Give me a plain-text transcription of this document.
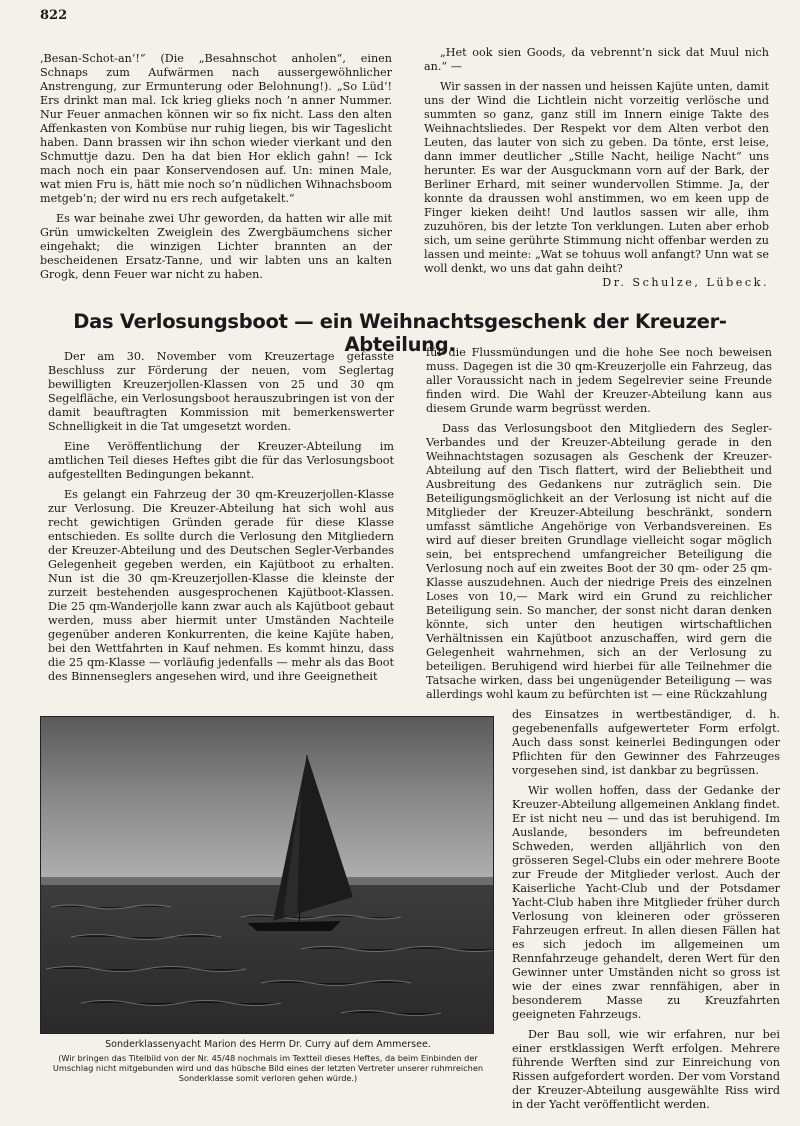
822

‚Besan-Schot-an‘!“ (Die „Besahnschot anholen“, einen Schnaps zum Aufwärmen nach aussergewöhnlicher Anstrengung, zur Ermunterung oder Belohnung!). „So Lüd‘! Ers drinkt man mal. Ick krieg glieks noch ’n anner Nummer. Nur Feuer anmachen können wir so fix nicht. Lass den alten Affenkasten von Kombüse nur ruhig liegen, bis wir Tageslicht haben. Dann brassen wir ihn schon wieder vierkant und den Schmuttje dazu. Den ha dat bien Hor eklich gahn! — Ick mach noch ein paar Konservendosen auf. Un: minen Male, wat mien Fru is, hätt mie noch so’n nüdlichen Wihnachsboom metgeb’n; der wird nu ers rech aufgetakelt.“

Es war beinahe zwei Uhr geworden, da hatten wir alle mit Grün umwickelten Zweiglein des Zwergbäumchens sicher eingehakt; die winzigen Lichter brannten an der bescheidenen Ersatz-Tanne, und wir labten uns an kalten Grogk, denn Feuer war nicht zu haben.

„Het ook sien Goods, da vebrennt’n sick dat Muul nich an.“ —

Wir sassen in der nassen und heissen Kajüte unten, damit uns der Wind die Lichtlein nicht vorzeitig verlösche und summten so ganz, ganz still im Innern einige Takte des Weihnachtsliedes. Der Respekt vor dem Alten verbot den Leuten, das lauter von sich zu geben. Da tönte, erst leise, dann immer deutlicher „Stille Nacht, heilige Nacht“ uns herunter. Es war der Ausguckmann vorn auf der Bark, der Berliner Erhard, mit seiner wundervollen Stimme. Ja, der konnte da draussen wohl anstimmen, wo em keen upp de Finger kieken deiht! Und lautlos sassen wir alle, ihm zuzuhören, bis der letzte Ton verklungen. Luten aber erhob sich, um seine gerührte Stimmung nicht offenbar werden zu lassen und meinte: „Wat se tohuus woll anfangt? Unn wat se woll denkt, wo uns dat gahn deiht?

Dr. Schulze, Lübeck.
Das Verlosungsboot — ein Weihnachtsgeschenk der Kreuzer-Abteilung.

Der am 30. November vom Kreuzertage gefasste Beschluss zur Förderung der neuen, vom Seglertag bewilligten Kreuzerjollen-Klassen von 25 und 30 qm Segelfläche, ein Verlosungsboot herauszubringen ist von der damit beauftragten Kommission mit bemerkenswerter Schnelligkeit in die Tat umgesetzt worden.

Eine Veröffentlichung der Kreuzer-Abteilung im amtlichen Teil dieses Heftes gibt die für das Verlosungsboot aufgestellten Bedingungen bekannt.

Es gelangt ein Fahrzeug der 30 qm-Kreuzerjollen-Klasse zur Verlosung. Die Kreuzer-Abteilung hat sich wohl aus recht gewichtigen Gründen gerade für diese Klasse entschieden. Es sollte durch die Verlosung den Mitgliedern der Kreuzer-Abteilung und des Deutschen Segler-Verbandes Gelegenheit gegeben werden, ein Kajütboot zu erhalten. Nun ist die 30 qm-Kreuzerjollen-Klasse die kleinste der zurzeit bestehenden ausgesprochenen Kajütboot-Klassen. Die 25 qm-Wanderjolle kann zwar auch als Kajütboot gebaut werden, muss aber hiermit unter Umständen Nachteile gegenüber anderen Konkurrenten, die keine Kajüte haben, bei den Wettfahrten in Kauf nehmen. Es kommt hinzu, dass die 25 qm-Klasse — vorläufig jedenfalls — mehr als das Boot des Binnenseglers angesehen wird, und ihre Geeignetheit

für die Flussmündungen und die hohe See noch beweisen muss. Dagegen ist die 30 qm-Kreuzerjolle ein Fahrzeug, das aller Voraussicht nach in jedem Segelrevier seine Freunde finden wird. Die Wahl der Kreuzer-Abteilung kann aus diesem Grunde warm begrüsst werden.

Dass das Verlosungsboot den Mitgliedern des Segler-Verbandes und der Kreuzer-Abteilung gerade in den Weihnachtstagen sozusagen als Geschenk der Kreuzer-Abteilung auf den Tisch flattert, wird der Beliebtheit und Ausbreitung des Gedankens nur zuträglich sein. Die Beteiligungsmöglichkeit an der Verlosung ist nicht auf die Mitglieder der Kreuzer-Abteilung beschränkt, sondern umfasst sämtliche Angehörige von Verbandsvereinen. Es wird auf dieser breiten Grundlage vielleicht sogar möglich sein, bei entsprechend umfangreicher Beteiligung die Verlosung noch auf ein zweites Boot der 30 qm- oder 25 qm-Klasse auszudehnen. Auch der niedrige Preis des einzelnen Loses von 10,— Mark wird ein Grund zu reichlicher Beteiligung sein. So mancher, der sonst nicht daran denken könnte, sich unter den heutigen wirtschaftlichen Verhältnissen ein Kajütboot anzuschaffen, wird gern die Gelegenheit wahrnehmen, sich an der Verlosung zu beteiligen. Beruhigend wird hierbei für alle Teilnehmer die Tatsache wirken, dass bei ungenügender Beteiligung — was allerdings wohl kaum zu befürchten ist — eine Rückzahlung

des Einsatzes in wertbeständiger, d. h. gegebenenfalls aufgewerteter Form erfolgt. Auch dass sonst keinerlei Bedingungen oder Pflichten für den Gewinner des Fahrzeuges vorgesehen sind, ist dankbar zu begrüssen.

Wir wollen hoffen, dass der Gedanke der Kreuzer-Abteilung allgemeinen Anklang findet. Er ist nicht neu — und das ist beruhigend. Im Auslande, besonders im befreundeten Schweden, werden alljährlich von den grösseren Segel-Clubs ein oder mehrere Boote zur Freude der Mitglieder verlost. Auch der Kaiserliche Yacht-Club und der Potsdamer Yacht-Club haben ihre Mitglieder früher durch Verlosung von kleineren oder grösseren Fahrzeugen erfreut. In allen diesen Fällen hat es sich jedoch im allgemeinen um Rennfahrzeuge gehandelt, deren Wert für den Gewinner unter Umständen nicht so gross ist wie der eines zwar rennfähigen, aber in besonderem Masse zu Kreuzfahrten geeigneten Fahrzeugs.

Der Bau soll, wie wir erfahren, nur bei einer erstklassigen Werft erfolgen. Mehrere führende Werften sind zur Einreichung von Rissen aufgefordert worden. Der vom Vorstand der Kreuzer-Abteilung ausgewählte Riss wird in der Yacht veröffentlicht werden.

Sonderklassenyacht Marion des Herrn Dr. Curry auf dem Ammersee.
(Wir bringen das Titelbild von der Nr. 45/48 nochmals im Textteil dieses Heftes, da beim Einbinden der Umschlag nicht mitgebunden wird und das hübsche Bild eines der letzten Vertreter unserer ruhmreichen Sonderklasse somit verloren gehen würde.)
